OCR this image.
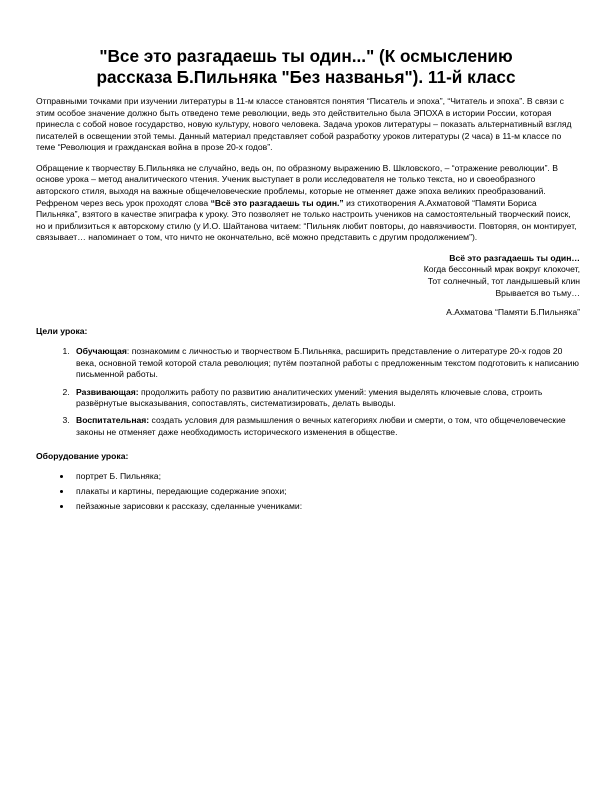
"Все это разгадаешь ты один..." (К осмыслению
рассказа Б.Пильняка "Без названья"). 11-й класс

Отправными точками при изучении литературы в 11-м классе становятся понятия “Писатель и эпоха”, “Читатель и эпоха”. В связи с этим особое значение должно быть отведено теме революции, ведь это действительно была ЭПОХА в истории России, которая принесла с собой новое государство, новую культуру, нового человека. Задача уроков литературы – показать альтернативный взгляд писателей в освещении этой темы. Данный материал представляет собой разработку уроков литературы (2 часа) в 11-м классе по теме “Революция и гражданская война в прозе 20-х годов”.

Обращение к творчеству Б.Пильняка не случайно, ведь он, по образному выражению В. Шкловского, – “отражение революции”. В основе урока – метод аналитического чтения. Ученик выступает в роли исследователя не только текста, но и своеобразного авторского стиля, выходя на важные общечеловеческие проблемы, которые не отменяет даже эпоха великих преобразований. Рефреном через весь урок проходят слова “Всё это разгадаешь ты один.” из стихотворения А.Ахматовой “Памяти Бориса Пильняка”, взятого в качестве эпиграфа к уроку. Это позволяет не только настроить учеников на самостоятельный творческий поиск, но и приблизиться к авторскому стилю (у И.О. Шайтанова читаем: “Пильняк любит повторы, до навязчивости. Повторяя, он монтирует, связывает… напоминает о том, что ничто не окончательно, всё можно представить с другим продолжением”).

Всё это разгадаешь ты один…
Когда бессонный мрак вокруг клокочет,
Тот солнечный, тот ландышевый клин
Врывается во тьму…
А.Ахматова “Памяти Б.Пильняка”
Цели урока:
1. Обучающая: познакомим с личностью и творчеством Б.Пильняка, расширить представление о литературе 20-х годов 20 века, основной темой которой стала революция; путём поэтапной работы с предложенным текстом подготовить к написанию письменной работы.
2. Развивающая: продолжить работу по развитию аналитических умений: умения выделять ключевые слова, строить развёрнутые высказывания, сопоставлять, систематизировать, делать выводы.
3. Воспитательная: создать условия для размышления о вечных категориях любви и смерти, о том, что общечеловеческие законы не отменяет даже необходимость исторического изменения в обществе.
Оборудование урока:
• портрет Б. Пильняка;
• плакаты и картины, передающие содержание эпохи;
• пейзажные зарисовки к рассказу, сделанные учениками:
